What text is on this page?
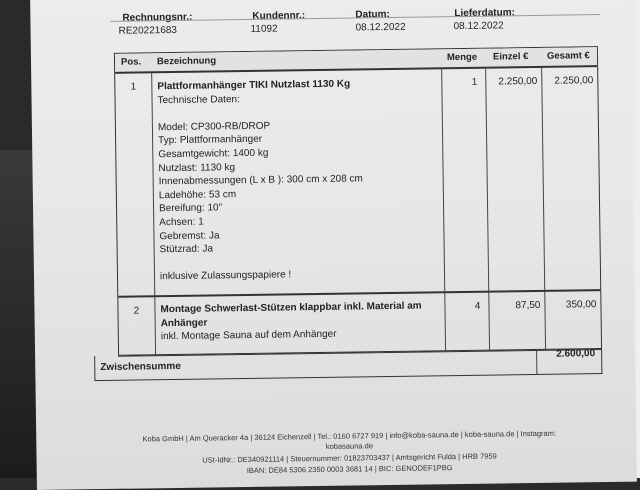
Rechnungsnr.:	Kundennr.:	Datum:	Lieferdatum:
RE20221683	11092	08.12.2022	08.12.2022
Pos. Bezeichnung	Menge Einzel € Gesamt €
1	Plattformanhänger TIKI Nutzlast 1130 Kg
Technische Daten:
Model: CP300-RB/DROP
Typ: Plattformanhänger
Gesamtgewicht: 1400 kg
Nutzlast: 1130 kg
Innenabmessungen (L x B ): 300 cm x 208 cm
Ladehöhe: 53 cm
Bereifung: 10"
Achsen: 1
Gebremst: Ja
Stützrad: Ja
inklusive Zulassungspapiere !
1	2.250,00	2.250,00
2	Montage Schwerlast-Stützen klappbar inkl. Material am Anhänger
inkl. Montage Sauna auf dem Anhänger
4	87,50	350,00
Zwischensumme
2.600,00
Koba GmbH | Am Queracker 4a | 36124 Eichenzell | Tel.: 0160 6727 919 | info@koba-sauna.de | koba-sauna.de | Instagram:
kobasauna.de
USt-IdNr.: DE340921114 | Steuernummer: 01823703437 | Amtsgericht Fulda | HRB 7959
IBAN: DE84 5306 2350 0003 3681 14 | BIC: GENODEF1PBG
